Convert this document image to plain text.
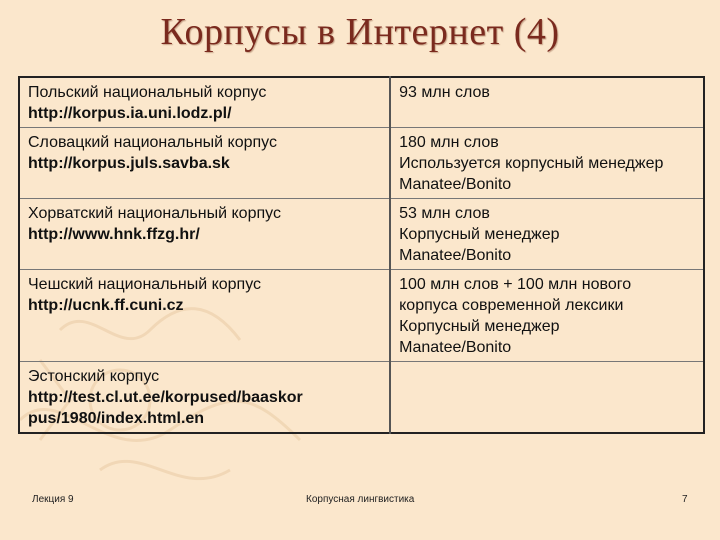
Корпусы в Интернет (4)
Польский национальный корпус
http://korpus.ia.uni.lodz.pl/	93 млн слов

Словацкий национальный корпус
http://korpus.juls.savba.sk	180 млн слов
Используется корпусный менеджер
Manatee/Bonito

Хорватский национальный корпус
http://www.hnk.ffzg.hr/	53 млн слов
Корпусный менеджер
Manatee/Bonito

Чешский национальный корпус
http://ucnk.ff.cuni.cz	100 млн слов + 100 млн нового
корпуса современной лексики
Корпусный менеджер
Manatee/Bonito

Эстонский корпус
http://test.cl.ut.ee/korpused/baaskor
pus/1980/index.html.en	

Лекция 9	Корпусная лингвистика	7
